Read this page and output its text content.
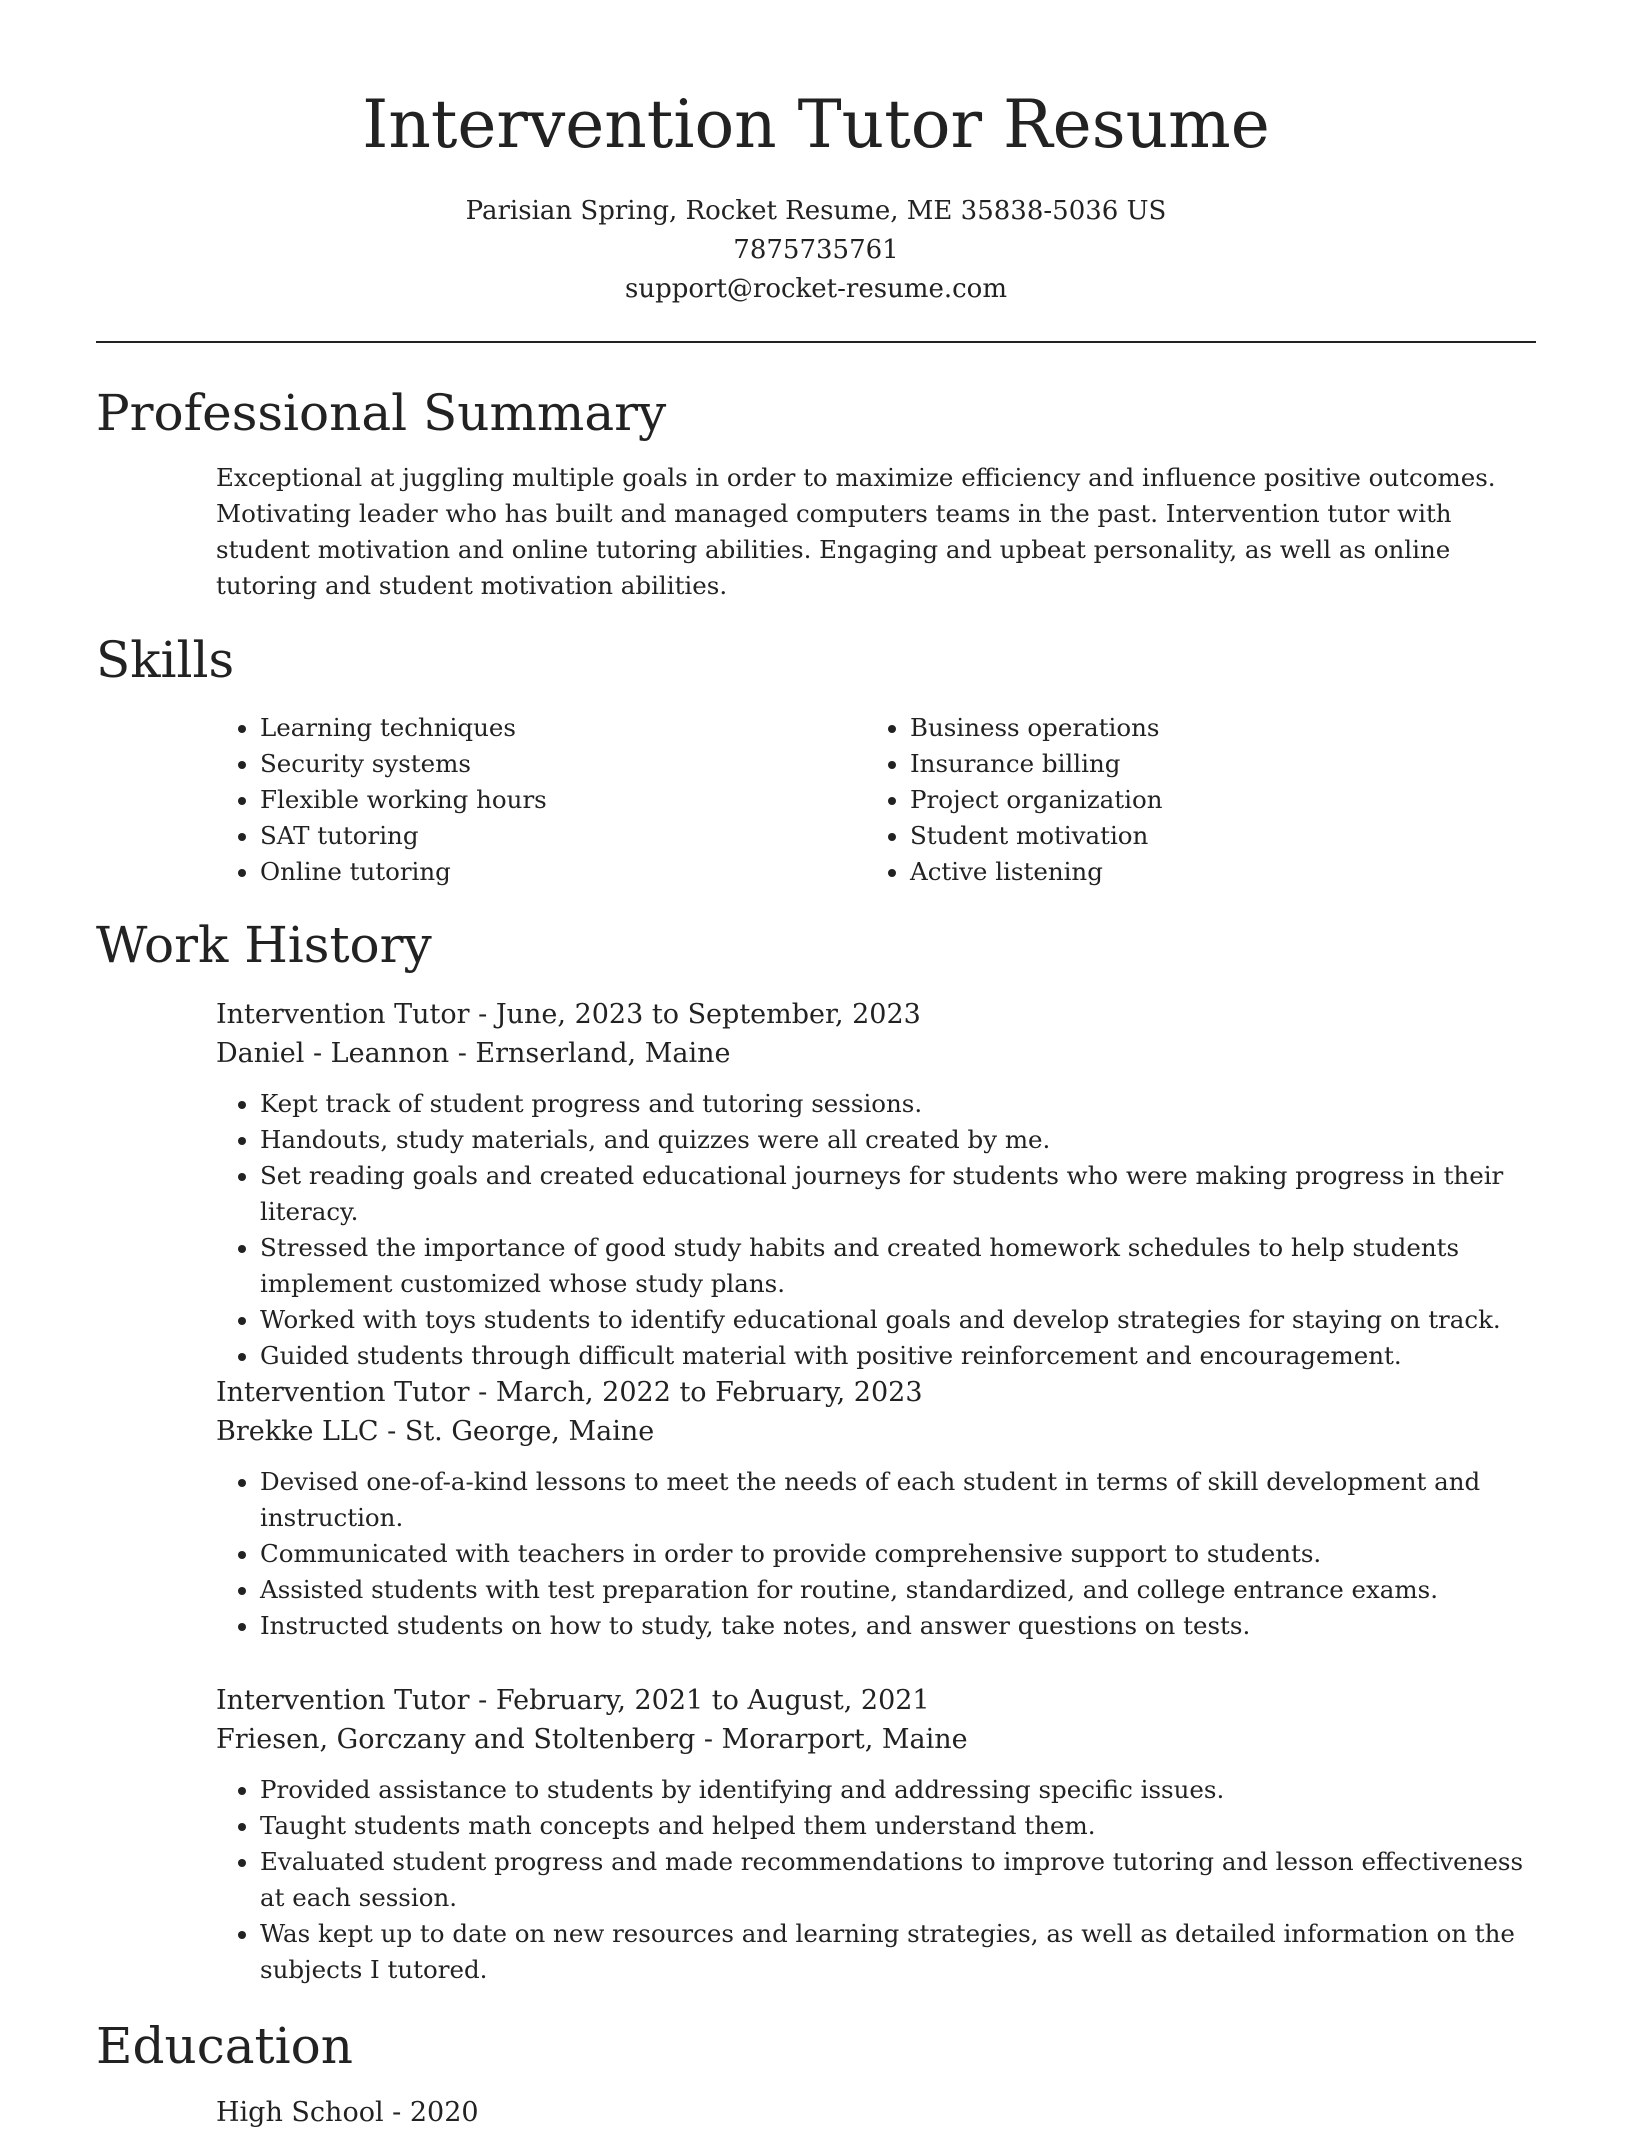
Intervention Tutor Resume
Parisian Spring, Rocket Resume, ME 35838-5036 US
7875735761
support@rocket-resume.com
Professional Summary
Exceptional at juggling multiple goals in order to maximize efficiency and influence positive outcomes. Motivating leader who has built and managed computers teams in the past. Intervention tutor with student motivation and online tutoring abilities. Engaging and upbeat personality, as well as online tutoring and student motivation abilities.
Skills
• Learning techniques
• Security systems
• Flexible working hours
• SAT tutoring
• Online tutoring
• Business operations
• Insurance billing
• Project organization
• Student motivation
• Active listening
Work History
Intervention Tutor - June, 2023 to September, 2023
Daniel - Leannon - Ernserland, Maine
• Kept track of student progress and tutoring sessions.
• Handouts, study materials, and quizzes were all created by me.
• Set reading goals and created educational journeys for students who were making progress in their literacy.
• Stressed the importance of good study habits and created homework schedules to help students implement customized whose study plans.
• Worked with toys students to identify educational goals and develop strategies for staying on track.
• Guided students through difficult material with positive reinforcement and encouragement.
Intervention Tutor - March, 2022 to February, 2023
Brekke LLC - St. George, Maine
• Devised one-of-a-kind lessons to meet the needs of each student in terms of skill development and instruction.
• Communicated with teachers in order to provide comprehensive support to students.
• Assisted students with test preparation for routine, standardized, and college entrance exams.
• Instructed students on how to study, take notes, and answer questions on tests.
Intervention Tutor - February, 2021 to August, 2021
Friesen, Gorczany and Stoltenberg - Morarport, Maine
• Provided assistance to students by identifying and addressing specific issues.
• Taught students math concepts and helped them understand them.
• Evaluated student progress and made recommendations to improve tutoring and lesson effectiveness at each session.
• Was kept up to date on new resources and learning strategies, as well as detailed information on the subjects I tutored.
Education
High School - 2020
